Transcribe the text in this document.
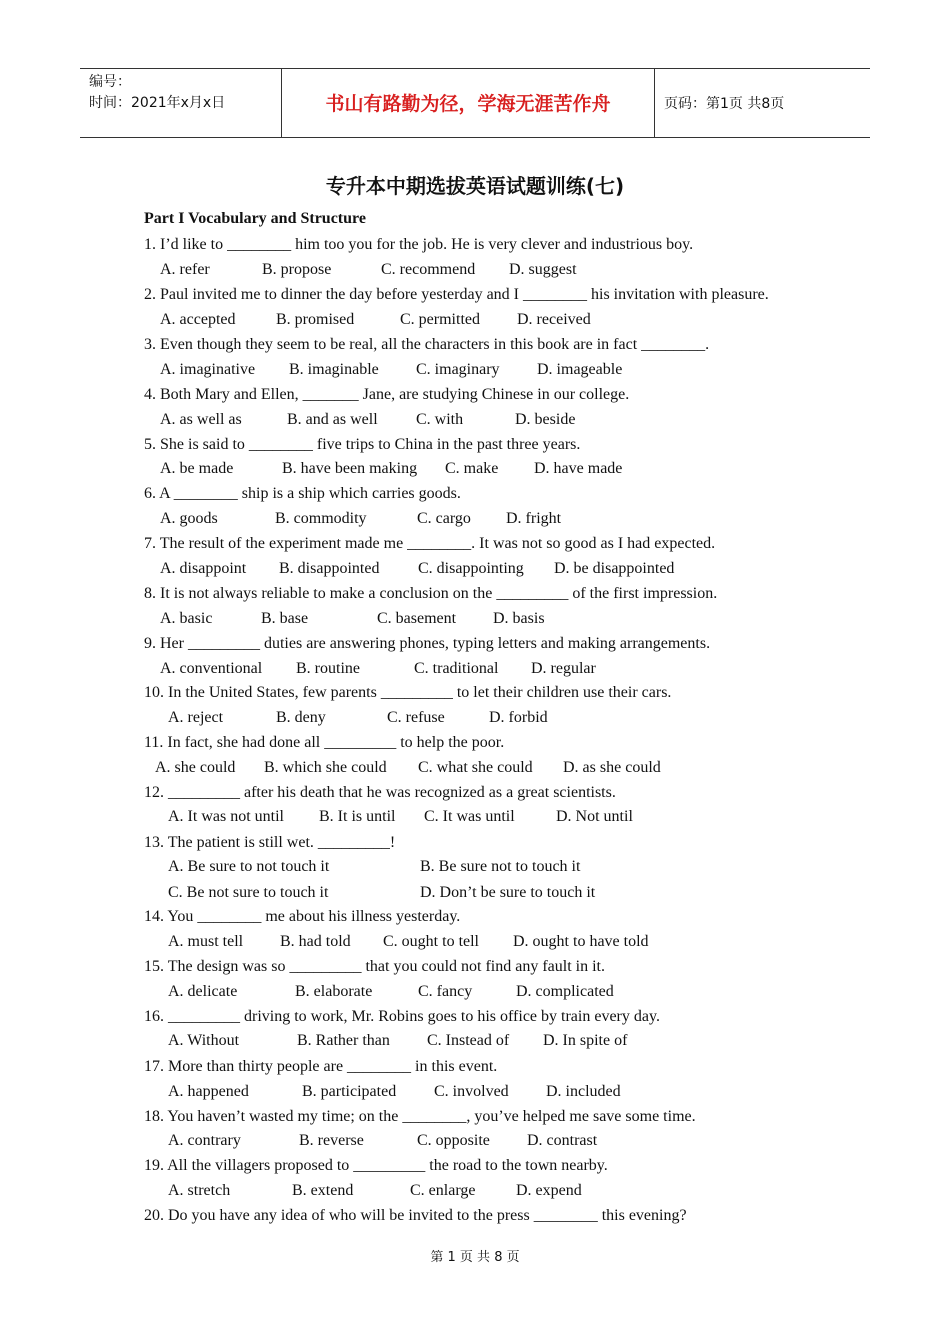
编号：
时间：2021年x月x日	书山有路勤为径，学海无涯苦作舟	页码：第1页 共8页
专升本中期选拔英语试题训练(七)
Part I Vocabulary and Structure
1. I’d like to ________ him too you for the job. He is very clever and industrious boy.
A. refer	B. propose	C. recommend D. suggest
2. Paul invited me to dinner the day before yesterday and I ________ his invitation with pleasure.
A. accepted	B. promised	C. permitted D. received
3. Even though they seem to be real, all the characters in this book are in fact ________.
A. imaginative B. imaginable C. imaginary D. imageable
4. Both Mary and Ellen, _______ Jane, are studying Chinese in our college.
A. as well as	B. and as well C. with	D. beside
5. She is said to ________ five trips to China in the past three years.
A. be made	B. have been making C. make D. have made
6. A ________ ship is a ship which carries goods.
A. goods	B. commodity	C. cargo D. fright
7. The result of the experiment made me ________. It was not so good as I had expected.
A. disappoint B. disappointed C. disappointing D. be disappointed
8. It is not always reliable to make a conclusion on the _________ of the first impression.
A. basic	B. base	C. basement D. basis
9. Her _________ duties are answering phones, typing letters and making arrangements.
A. conventional B. routine	C. traditional D. regular
10. In the United States, few parents _________ to let their children use their cars.
A. reject	B. deny	C. refuse	D. forbid
11. In fact, she had done all _________ to help the poor.
A. she could B. which she could C. what she could D. as she could
12. _________ after his death that he was recognized as a great scientists.
A. It was not until B. It is until C. It was until	D. Not until
13. The patient is still wet. _________!
A. Be sure to not touch it	B. Be sure not to touch it
C. Be not sure to touch it	D. Don’t be sure to touch it
14. You ________ me about his illness yesterday.
A. must tell B. had told C. ought to tell D. ought to have told
15. The design was so _________ that you could not find any fault in it.
A. delicate	B. elaborate	C. fancy	D. complicated
16. _________ driving to work, Mr. Robins goes to his office by train every day.
A. Without	B. Rather than C. Instead of D. In spite of
17. More than thirty people are ________ in this event.
A. happened	B. participated C. involved D. included
18. You haven’t wasted my time; on the ________, you’ve helped me save some time.
A. contrary	B. reverse	C. opposite D. contrast
19. All the villagers proposed to _________ the road to the town nearby.
A. stretch	B. extend	C. enlarge	D. expend
20. Do you have any idea of who will be invited to the press ________ this evening?
第 1 页 共 8 页
